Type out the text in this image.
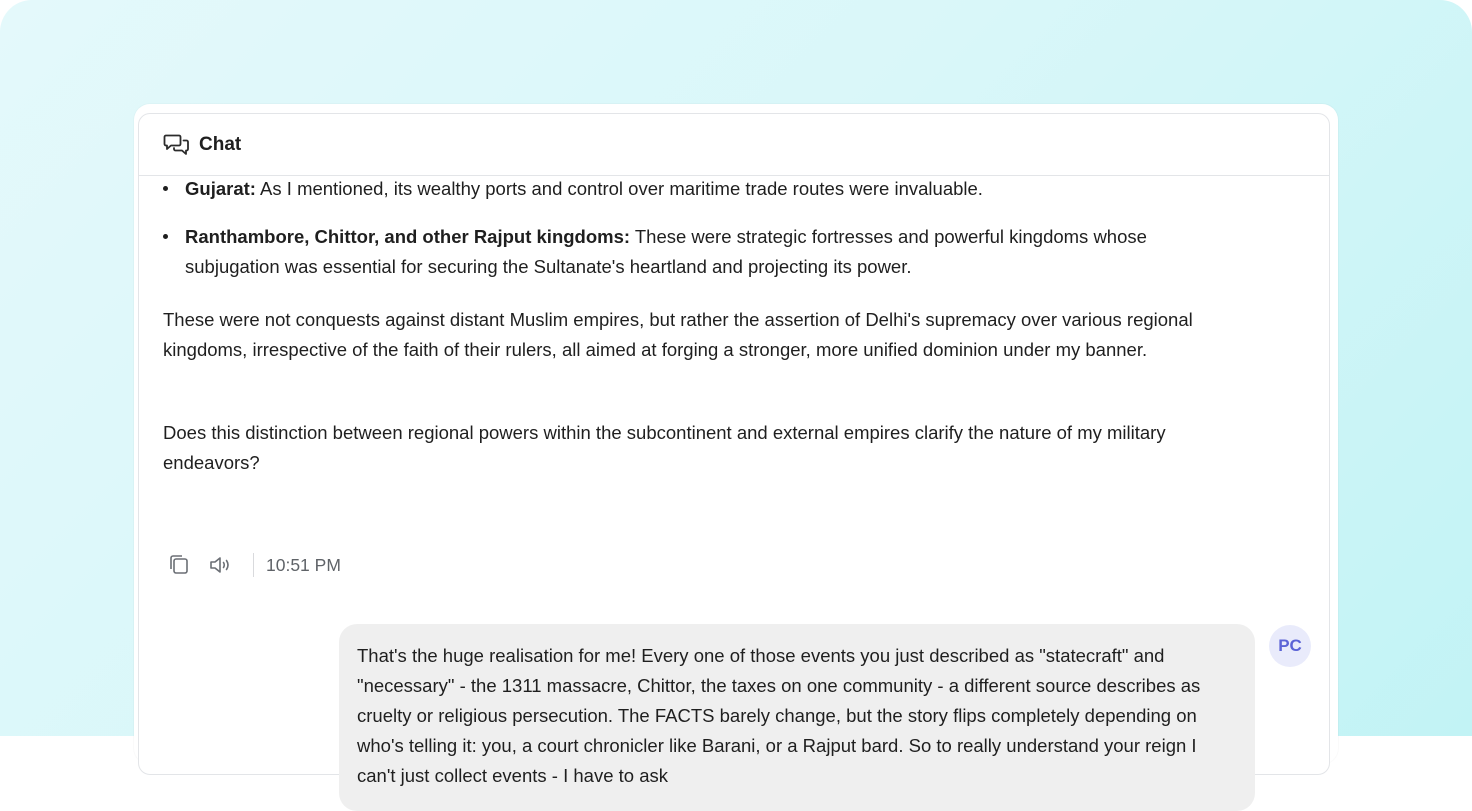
Chat
Gujarat: As I mentioned, its wealthy ports and control over maritime trade routes were invaluable.
Ranthambore, Chittor, and other Rajput kingdoms: These were strategic fortresses and powerful kingdoms whose subjugation was essential for securing the Sultanate's heartland and projecting its power.
These were not conquests against distant Muslim empires, but rather the assertion of Delhi's supremacy over various regional kingdoms, irrespective of the faith of their rulers, all aimed at forging a stronger, more unified dominion under my banner.
Does this distinction between regional powers within the subcontinent and external empires clarify the nature of my military endeavors?
10:51 PM
That's the huge realisation for me! Every one of those events you just described as "statecraft" and "necessary" - the 1311 massacre, Chittor, the taxes on one community - a different source describes as cruelty or religious persecution. The FACTS barely change, but the story flips completely depending on who's telling it: you, a court chronicler like Barani, or a Rajput bard. So to really understand your reign I can't just collect events - I have to ask
PC
